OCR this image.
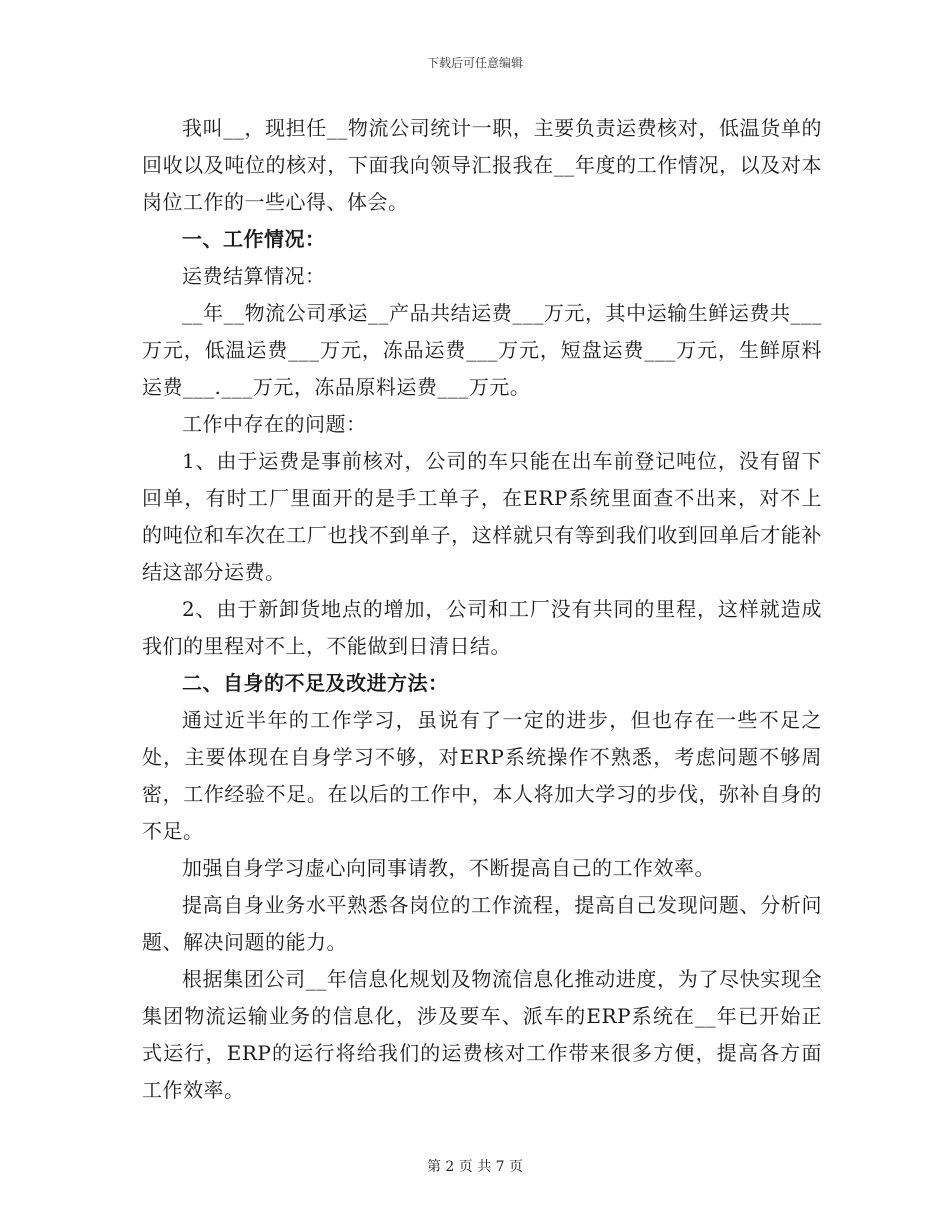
下载后可任意编辑

我叫__，现担任__物流公司统计一职，主要负责运费核对，低温货单的回收以及吨位的核对，下面我向领导汇报我在__年度的工作情况，以及对本岗位工作的一些心得、体会。

一、工作情况：

运费结算情况：

__年__物流公司承运__产品共结运费___万元，其中运输生鲜运费共___万元，低温运费___万元，冻品运费___万元，短盘运费___万元，生鲜原料运费___.___万元，冻品原料运费___万元。

工作中存在的问题：

1、由于运费是事前核对，公司的车只能在出车前登记吨位，没有留下回单，有时工厂里面开的是手工单子，在ERP系统里面查不出来，对不上的吨位和车次在工厂也找不到单子，这样就只有等到我们收到回单后才能补结这部分运费。

2、由于新卸货地点的增加，公司和工厂没有共同的里程，这样就造成我们的里程对不上，不能做到日清日结。

二、自身的不足及改进方法：

通过近半年的工作学习，虽说有了一定的进步，但也存在一些不足之处，主要体现在自身学习不够，对ERP系统操作不熟悉，考虑问题不够周密，工作经验不足。在以后的工作中，本人将加大学习的步伐，弥补自身的不足。

加强自身学习虚心向同事请教，不断提高自己的工作效率。

提高自身业务水平熟悉各岗位的工作流程，提高自己发现问题、分析问题、解决问题的能力。

根据集团公司__年信息化规划及物流信息化推动进度，为了尽快实现全集团物流运输业务的信息化，涉及要车、派车的ERP系统在__年已开始正式运行，ERP的运行将给我们的运费核对工作带来很多方便，提高各方面工作效率。

第 2 页 共 7 页
